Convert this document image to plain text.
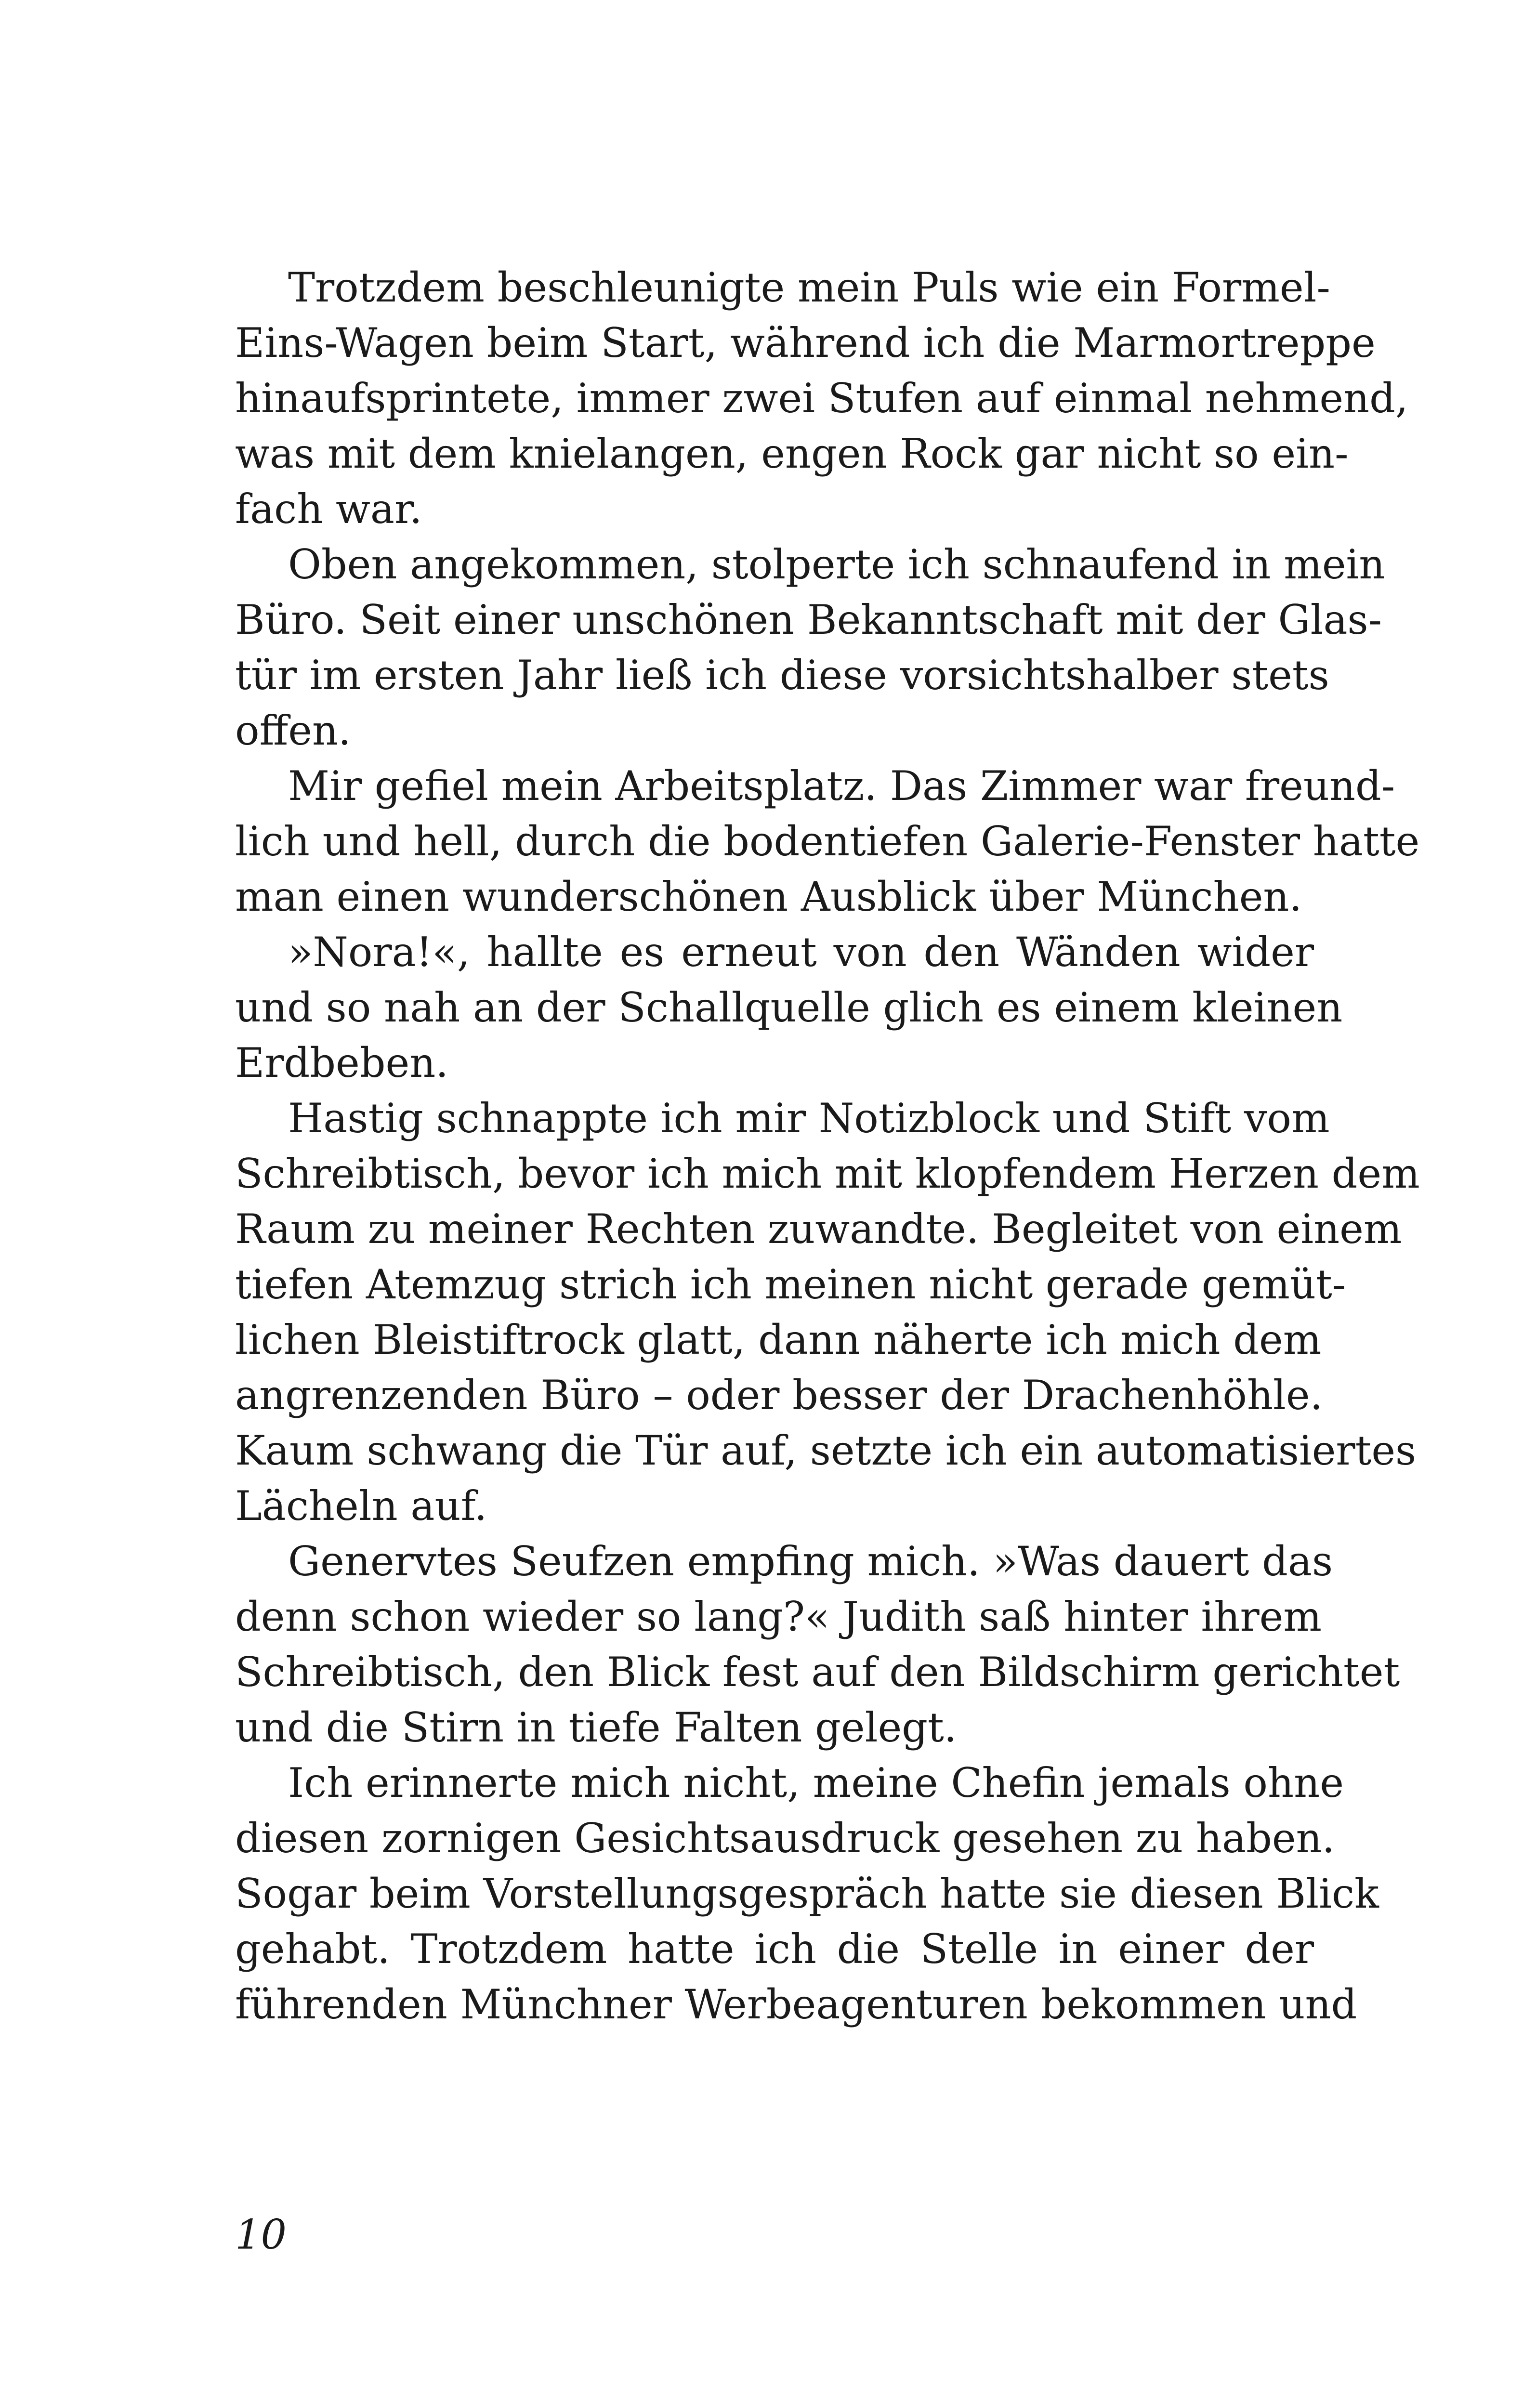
Trotzdem beschleunigte mein Puls wie ein Formel-
Eins-Wagen beim Start, während ich die Marmortreppe
hinaufsprintete, immer zwei Stufen auf einmal nehmend,
was mit dem knielangen, engen Rock gar nicht so ein-
fach war.

Oben angekommen, stolperte ich schnaufend in mein
Büro. Seit einer unschönen Bekanntschaft mit der Glas-
tür im ersten Jahr ließ ich diese vorsichtshalber stets
offen.

Mir gefiel mein Arbeitsplatz. Das Zimmer war freund-
lich und hell, durch die bodentiefen Galerie-Fenster hatte
man einen wunderschönen Ausblick über München.

»Nora!«, hallte es erneut von den Wänden wider
und so nah an der Schallquelle glich es einem kleinen
Erdbeben.

Hastig schnappte ich mir Notizblock und Stift vom
Schreibtisch, bevor ich mich mit klopfendem Herzen dem
Raum zu meiner Rechten zuwandte. Begleitet von einem
tiefen Atemzug strich ich meinen nicht gerade gemüt-
lichen Bleistiftrock glatt, dann näherte ich mich dem
angrenzenden Büro – oder besser der Drachenhöhle.
Kaum schwang die Tür auf, setzte ich ein automatisiertes
Lächeln auf.

Genervtes Seufzen empfing mich. »Was dauert das
denn schon wieder so lang?« Judith saß hinter ihrem
Schreibtisch, den Blick fest auf den Bildschirm gerichtet
und die Stirn in tiefe Falten gelegt.

Ich erinnerte mich nicht, meine Chefin jemals ohne
diesen zornigen Gesichtsausdruck gesehen zu haben.
Sogar beim Vorstellungsgespräch hatte sie diesen Blick
gehabt. Trotzdem hatte ich die Stelle in einer der
führenden Münchner Werbeagenturen bekommen und

10
